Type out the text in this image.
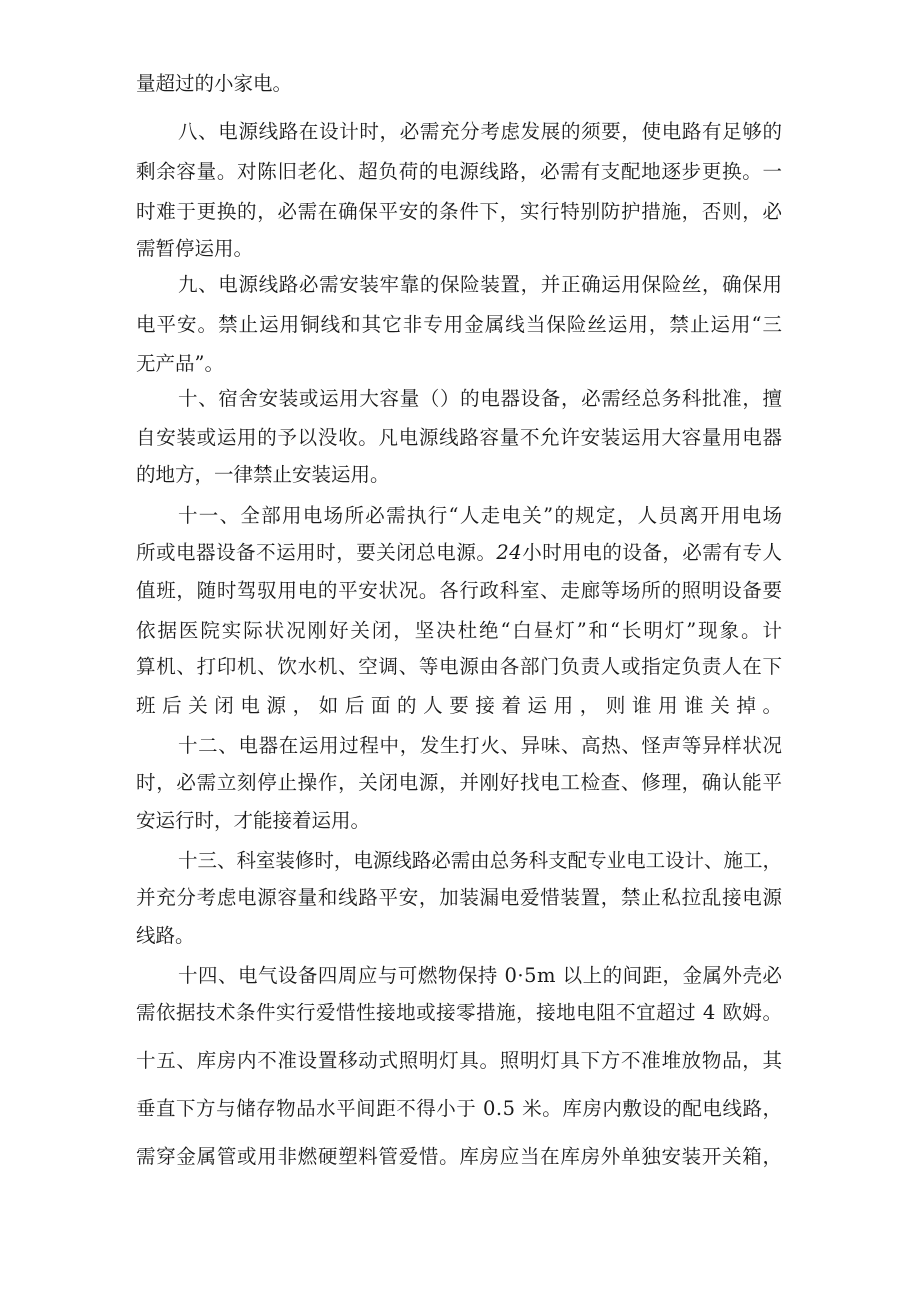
量超过的小家电。
八、电源线路在设计时，必需充分考虑发展的须要，使电路有足够的
剩余容量。对陈旧老化、超负荷的电源线路，必需有支配地逐步更换。一
时难于更换的，必需在确保平安的条件下，实行特别防护措施，否则，必
需暂停运用。
九、电源线路必需安装牢靠的保险装置，并正确运用保险丝，确保用
电平安。禁止运用铜线和其它非专用金属线当保险丝运用，禁止运用“三
无产品”。
十、宿舍安装或运用大容量（）的电器设备，必需经总务科批准，擅
自安装或运用的予以没收。凡电源线路容量不允许安装运用大容量用电器
的地方，一律禁止安装运用。
十一、全部用电场所必需执行“人走电关”的规定，人员离开用电场
所或电器设备不运用时，要关闭总电源。24小时用电的设备，必需有专人
值班，随时驾驭用电的平安状况。各行政科室、走廊等场所的照明设备要
依据医院实际状况刚好关闭，坚决杜绝“白昼灯”和“长明灯”现象。计
算机、打印机、饮水机、空调、等电源由各部门负责人或指定负责人在下
班后关闭电源，如后面的人要接着运用，则谁用谁关掉。
十二、电器在运用过程中，发生打火、异味、高热、怪声等异样状况
时，必需立刻停止操作，关闭电源，并刚好找电工检查、修理，确认能平
安运行时，才能接着运用。
十三、科室装修时，电源线路必需由总务科支配专业电工设计、施工，
并充分考虑电源容量和线路平安，加装漏电爱惜装置，禁止私拉乱接电源
线路。
十四、电气设备四周应与可燃物保持 0·5m 以上的间距，金属外壳必
需依据技术条件实行爱惜性接地或接零措施，接地电阻不宜超过 4 欧姆。
十五、库房内不准设置移动式照明灯具。照明灯具下方不准堆放物品，其
垂直下方与储存物品水平间距不得小于 0.5 米。库房内敷设的配电线路，
需穿金属管或用非燃硬塑料管爱惜。库房应当在库房外单独安装开关箱，
